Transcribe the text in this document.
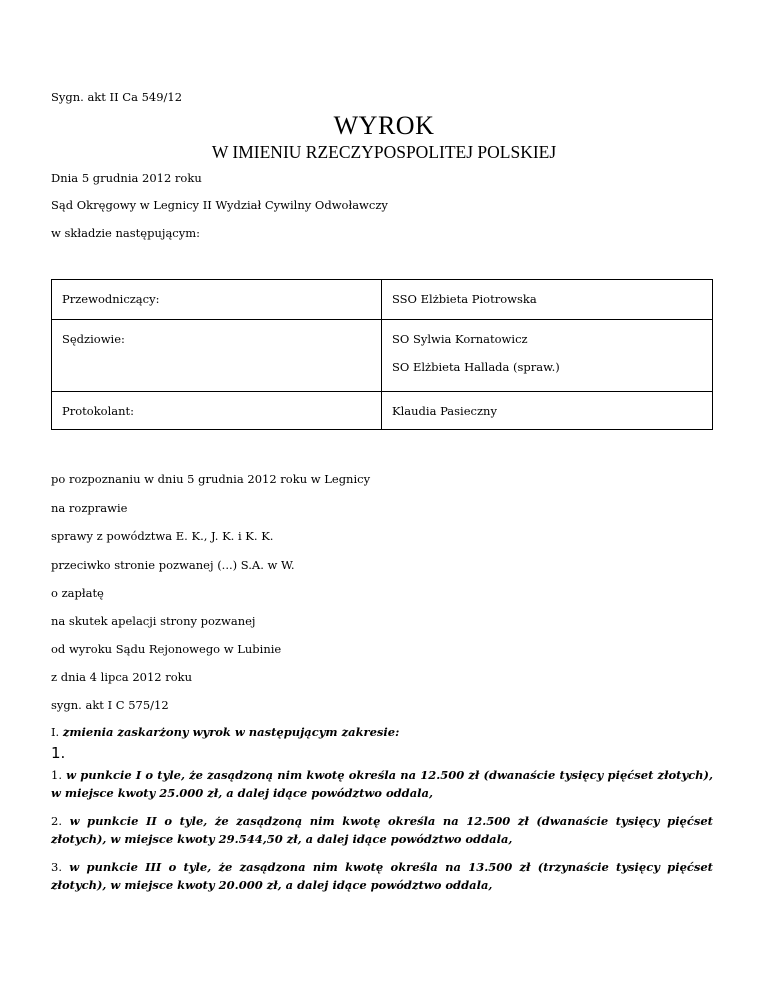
Sygn. akt II Ca 549/12
WYROK
W IMIENIU RZECZYPOSPOLITEJ POLSKIEJ
Dnia 5 grudnia 2012 roku
Sąd Okręgowy w Legnicy II Wydział Cywilny Odwoławczy
w składzie następującym:
Przewodniczący:	SSO Elżbieta Piotrowska

Sędziowie:	SO Sylwia Kornatowicz
SO Elżbieta Hallada (spraw.)

Protokolant:	Klaudia Pasieczny
po rozpoznaniu w dniu 5 grudnia 2012 roku w Legnicy
na rozprawie
sprawy z powództwa E. K., J. K. i K. K.
przeciwko stronie pozwanej (...) S.A. w W.
o zapłatę
na skutek apelacji strony pozwanej
od wyroku Sądu Rejonowego w Lubinie
z dnia 4 lipca 2012 roku
sygn. akt I C 575/12
I. zmienia zaskarżony wyrok w następującym zakresie:
1.
1. w punkcie I o tyle, że zasądzoną nim kwotę określa na 12.500 zł (dwanaście tysięcy pięćset złotych), w miejsce kwoty 25.000 zł, a dalej idące powództwo oddala,
2. w punkcie II o tyle, że zasądzoną nim kwotę określa na 12.500 zł (dwanaście tysięcy pięćset złotych), w miejsce kwoty 29.544,50 zł, a dalej idące powództwo oddala,
3. w punkcie III o tyle, że zasądzona nim kwotę określa na 13.500 zł (trzynaście tysięcy pięćset złotych), w miejsce kwoty 20.000 zł, a dalej idące powództwo oddala,
